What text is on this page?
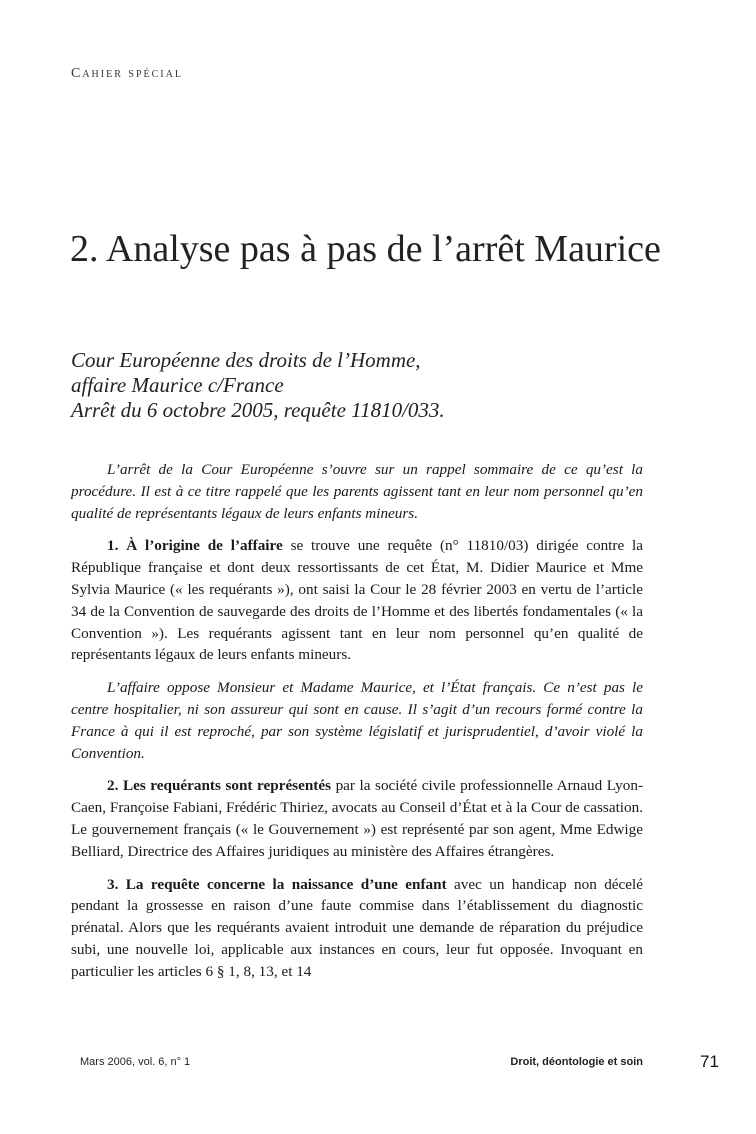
Cahier spécial
2. Analyse pas à pas de l’arrêt Maurice
Cour Européenne des droits de l’Homme,
affaire Maurice c/France
Arrêt du 6 octobre 2005, requête 11810/033.

L’arrêt de la Cour Européenne s’ouvre sur un rappel sommaire de ce qu’est la procédure. Il est à ce titre rappelé que les parents agissent tant en leur nom personnel qu’en qualité de représentants légaux de leurs enfants mineurs.

1. À l’origine de l’affaire se trouve une requête (n° 11810/03) dirigée contre la République française et dont deux ressortissants de cet État, M. Didier Maurice et Mme Sylvia Maurice (« les requérants »), ont saisi la Cour le 28 février 2003 en vertu de l’article 34 de la Convention de sauvegarde des droits de l’Homme et des libertés fondamentales (« la Convention »). Les requérants agissent tant en leur nom personnel qu’en qualité de représentants légaux de leurs enfants mineurs.

L’affaire oppose Monsieur et Madame Maurice, et l’État français. Ce n’est pas le centre hospitalier, ni son assureur qui sont en cause. Il s’agit d’un recours formé contre la France à qui il est reproché, par son système législatif et jurisprudentiel, d’avoir violé la Convention.

2. Les requérants sont représentés par la société civile professionnelle Arnaud Lyon-Caen, Françoise Fabiani, Frédéric Thiriez, avocats au Conseil d’État et à la Cour de cassation. Le gouvernement français (« le Gouvernement ») est représenté par son agent, Mme Edwige Belliard, Directrice des Affaires juridiques au ministère des Affaires étrangères.

3. La requête concerne la naissance d’une enfant avec un handicap non décelé pendant la grossesse en raison d’une faute commise dans l’établissement du diagnostic prénatal. Alors que les requérants avaient introduit une demande de réparation du préjudice subi, une nouvelle loi, applicable aux instances en cours, leur fut opposée. Invoquant en particulier les articles 6 § 1, 8, 13, et 14

Mars 2006, vol. 6, n° 1	Droit, déontologie et soin	71
